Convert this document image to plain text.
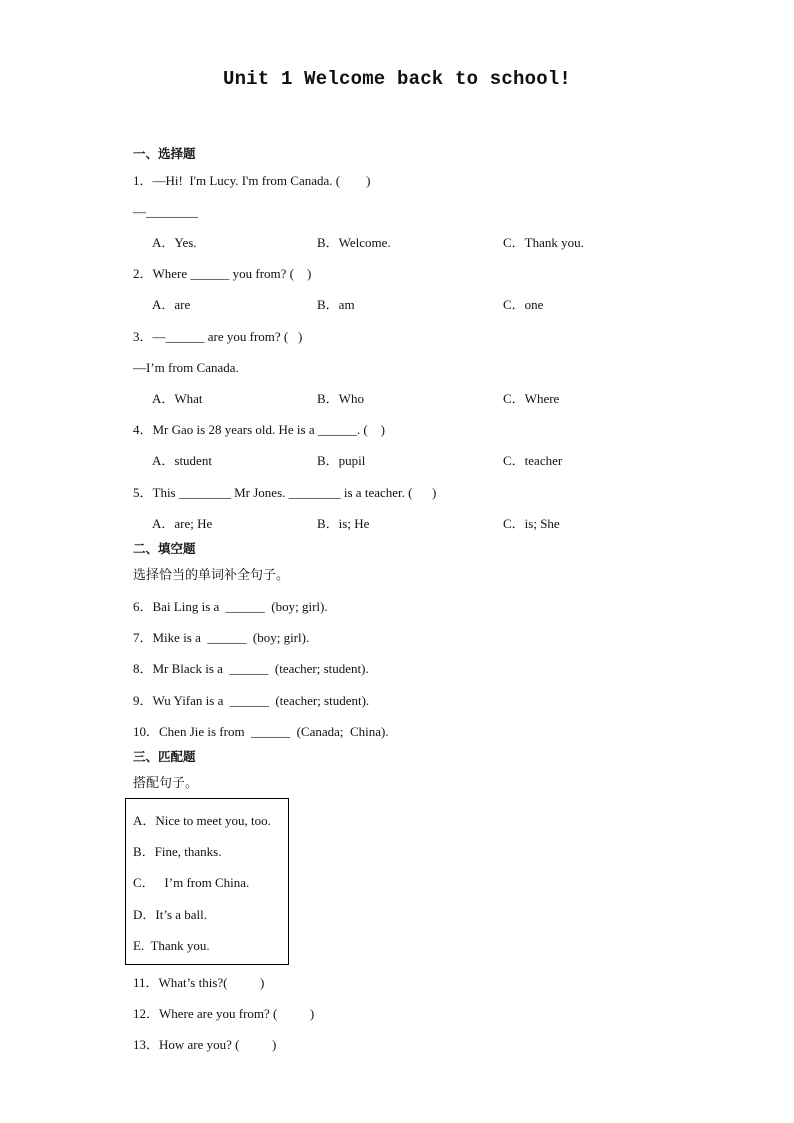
Unit 1 Welcome back to school!
一、选择题
1．—Hi!  I'm Lucy. I'm from Canada. (        )
—________
A．Yes.	B．Welcome.	C．Thank you.
2．Where ______ you from? (    )
A．are	B．am	C．one
3．—______ are you from? (   )
—I’m from Canada.
A．What	B．Who	C．Where
4．Mr Gao is 28 years old. He is a ______. (    )
A．student	B．pupil	C．teacher
5．This ________ Mr Jones. ________ is a teacher. (      )
A．are; He	B．is; He	C．is; She
二、填空题
选择恰当的单词补全句子。
6．Bai Ling is a  ______  (boy; girl).
7．Mike is a  ______  (boy; girl).
8．Mr Black is a  ______  (teacher; student).
9．Wu Yifan is a  ______  (teacher; student).
10．Chen Jie is from  ______  (Canada;  China).
三、匹配题
搭配句子。
A．Nice to meet you, too.
B．Fine, thanks.
C．   I’m from China.
D．It’s a ball.
E.  Thank you.
11．What’s this?(          )
12．Where are you from? (          )
13．How are you? (          )
